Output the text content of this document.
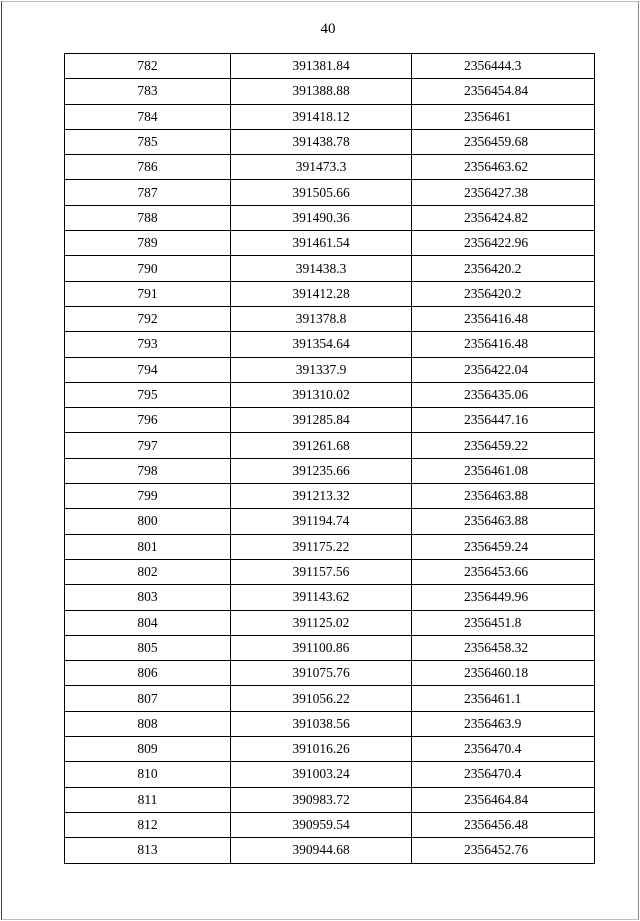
40
782	391381.84	2356444.3
783	391388.88	2356454.84
784	391418.12	2356461
785	391438.78	2356459.68
786	391473.3	2356463.62
787	391505.66	2356427.38
788	391490.36	2356424.82
789	391461.54	2356422.96
790	391438.3	2356420.2
791	391412.28	2356420.2
792	391378.8	2356416.48
793	391354.64	2356416.48
794	391337.9	2356422.04
795	391310.02	2356435.06
796	391285.84	2356447.16
797	391261.68	2356459.22
798	391235.66	2356461.08
799	391213.32	2356463.88
800	391194.74	2356463.88
801	391175.22	2356459.24
802	391157.56	2356453.66
803	391143.62	2356449.96
804	391125.02	2356451.8
805	391100.86	2356458.32
806	391075.76	2356460.18
807	391056.22	2356461.1
808	391038.56	2356463.9
809	391016.26	2356470.4
810	391003.24	2356470.4
811	390983.72	2356464.84
812	390959.54	2356456.48
813	390944.68	2356452.76
